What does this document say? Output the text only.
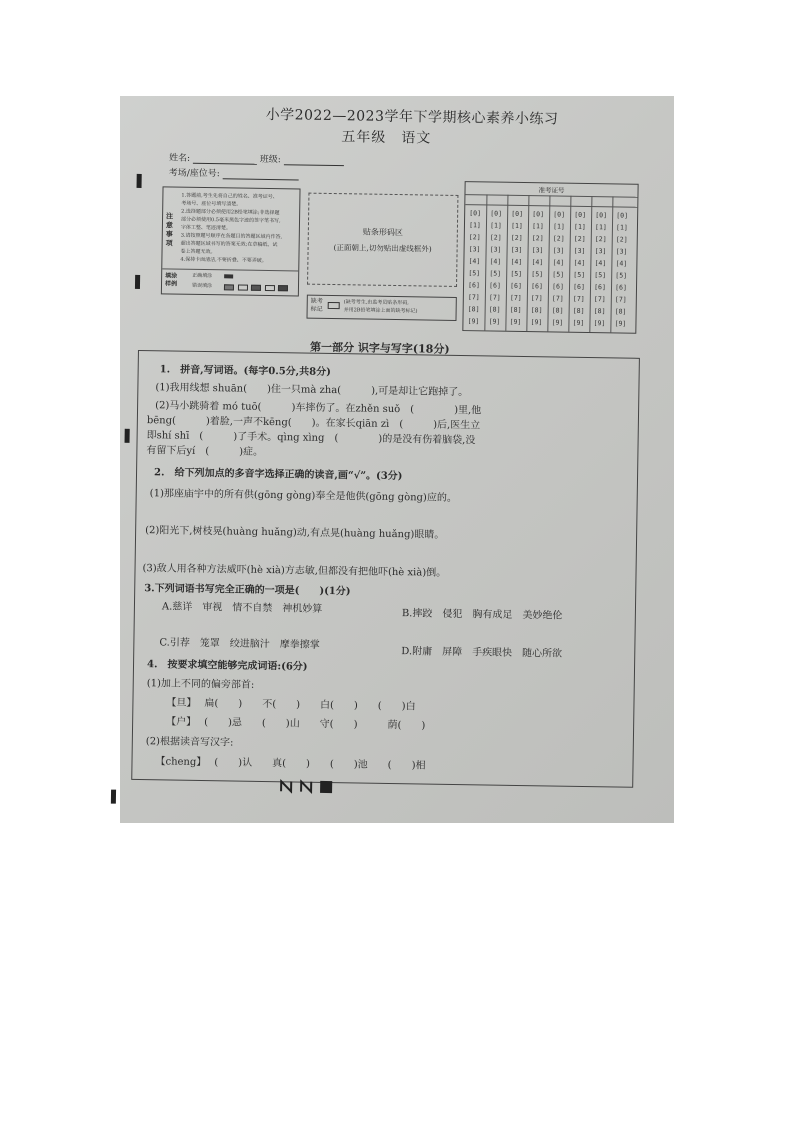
小学2022—2023学年下学期核心素养小练习
五年级　语文
姓名:	班级:
考场/座位号:
注意事项
1.答题前,考生先将自己的姓名、准考证号、
考场号、座位号填写清楚。
2.选择题部分必须使用2B铅笔填涂;非选择题
部分必须使用0.5毫米黑色字迹的签字笔书写,
字体工整、笔迹清楚。
3.请按照题号顺序在各题目的答题区域内作答,
超出答题区域书写的答案无效;在草稿纸、试
卷上答题无效。
4.保持卡面清洁,不要折叠、不要弄破。
填涂样例
正确填涂
错误填涂

贴条形码区
(正面朝上,切勿贴出虚线框外)
缺考标记
(缺考考生,由监考员贴条形码,
并用2B铅笔填涂上面的缺考标记)
准考证号
[0]
[1]
[2]
[3]
[4]
[5]
[6]
[7]
[8]
[9]
[0]
[1]
[2]
[3]
[4]
[5]
[6]
[7]
[8]
[9]
[0]
[1]
[2]
[3]
[4]
[5]
[6]
[7]
[8]
[9]
[0]
[1]
[2]
[3]
[4]
[5]
[6]
[7]
[8]
[9]
[0]
[1]
[2]
[3]
[4]
[5]
[6]
[7]
[8]
[9]
[0]
[1]
[2]
[3]
[4]
[5]
[6]
[7]
[8]
[9]
[0]
[1]
[2]
[3]
[4]
[5]
[6]
[7]
[8]
[9]
[0]
[1]
[2]
[3]
[4]
[5]
[6]
[7]
[8]
[9]
第一部分 识字与写字(18分)
1.　拼音,写词语。(每字0.5分,共8分)
(1)我用线想 shuān(　　)住一只mà zha(　　　),可是却让它跑掉了。
(2)马小跳骑着 mó tuō(　　　)车摔伤了。在zhěn suǒ　(　　　　)里,他
bēng(　　　)着脸,一声不kēng(　　)。在家长qiān zì　(　　　)后,医生立
即shí shī　(　　　)了手术。qìng xìng　(　　　　)的是没有伤着脑袋,没
有留下后yí　(　　　)症。
2.　给下列加点的多音字选择正确的读音,画“√”。(3分)
(1)那座庙宇中的所有供(gōng gòng)奉全是他供(gōng gòng)应的。
(2)阳光下,树枝晃(huàng huǎng)动,有点晃(huàng huǎng)眼睛。
(3)敌人用各种方法威吓(hè xià)方志敏,但都没有把他吓(hè xià)倒。
3.下列词语书写完全正确的一项是(　　)(1分)
A.慈详　审视　情不自禁　神机妙算
B.摔跤　侵犯　胸有成足　美妙绝伦
C.引荐　笼罩　绞进脑汁　摩拳擦掌
D.附庸　屏障　手疾眼快　随心所欲
4.　按要求填空能够完成词语:(6分)
(1)加上不同的偏旁部首:
【旦】 扁(　　)　　不(　　)　　白(　　)　　(　　)白
【户】 (　　)忌　　(　　)山　　守(　　)　　　荫(　　)
(2)根据读音写汉字:
【cheng】 (　　)认　　真(　　)　　(　　)池　　(　　)相
